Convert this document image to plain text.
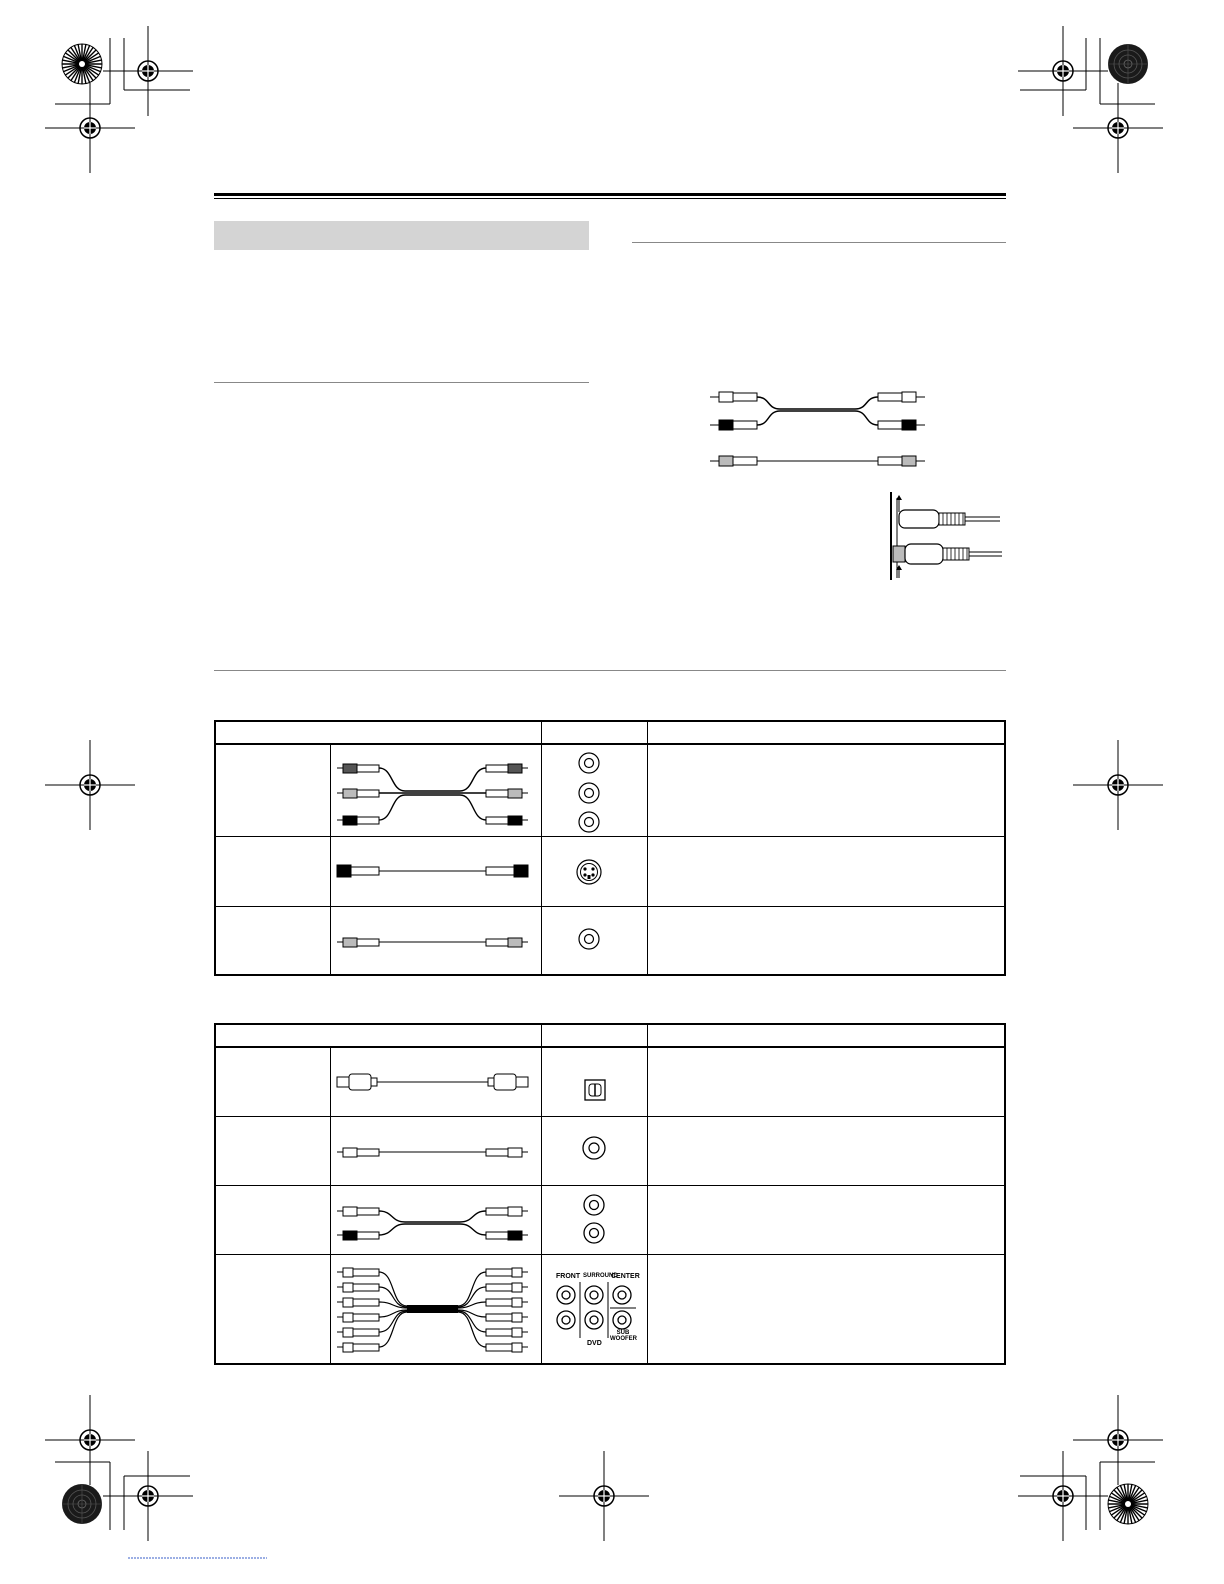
FRONT SURROUND
CENTER
DVD
SUB WOOFER
